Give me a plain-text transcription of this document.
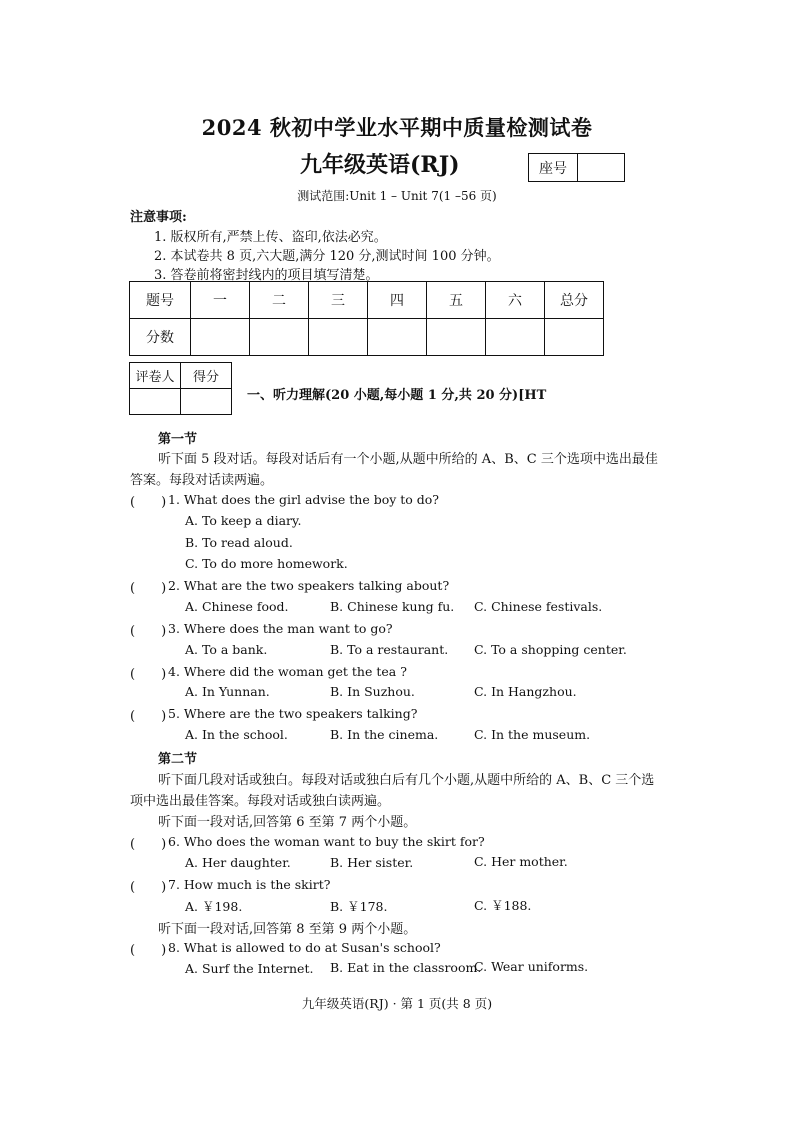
2024 秋初中学业水平期中质量检测试卷
九年级英语(RJ)	座号
测试范围:Unit 1 – Unit 7(1 –56 页)
注意事项:
1. 版权所有,严禁上传、盗印,依法必究。
2. 本试卷共 8 页,六大题,满分 120 分,测试时间 100 分钟。
3. 答卷前将密封线内的项目填写清楚。
题号	一	二	三	四	五	六	总分
分数							
评卷人	得分

一、听力理解(20 小题,每小题 1 分,共 20 分)[HT
第一节
听下面 5 段对话。每段对话后有一个小题,从题中所给的 A、B、C 三个选项中选出最佳
答案。每段对话读两遍。
(　　) 1. What does the girl advise the boy to do?
A. To keep a diary.
B. To read aloud.
C. To do more homework.
(　　) 2. What are the two speakers talking about?
A. Chinese food.	B. Chinese kung fu. C. Chinese festivals.
(　　) 3. Where does the man want to go?
A. To a bank.	B. To a restaurant. C. To a shopping center.
(　　) 4. Where did the woman get the tea ?
A. In Yunnan.	B. In Suzhou.	C. In Hangzhou.
(　　) 5. Where are the two speakers talking?
A. In the school.	B. In the cinema.	C. In the museum.
第二节
听下面几段对话或独白。每段对话或独白后有几个小题,从题中所给的 A、B、C 三个选
项中选出最佳答案。每段对话或独白读两遍。
听下面一段对话,回答第 6 至第 7 两个小题。
(　　) 6. Who does the woman want to buy the skirt for?
A. Her daughter.	B. Her sister.	C. Her mother.
(　　) 7. How much is the skirt?
A. ￥198.	B. ￥178.	C. ￥188.
听下面一段对话,回答第 8 至第 9 两个小题。
(　　) 8. What is allowed to do at Susan's school?
A. Surf the Internet. B. Eat in the classroom.
C. Wear uniforms.
九年级英语(RJ) · 第 1 页(共 8 页)
